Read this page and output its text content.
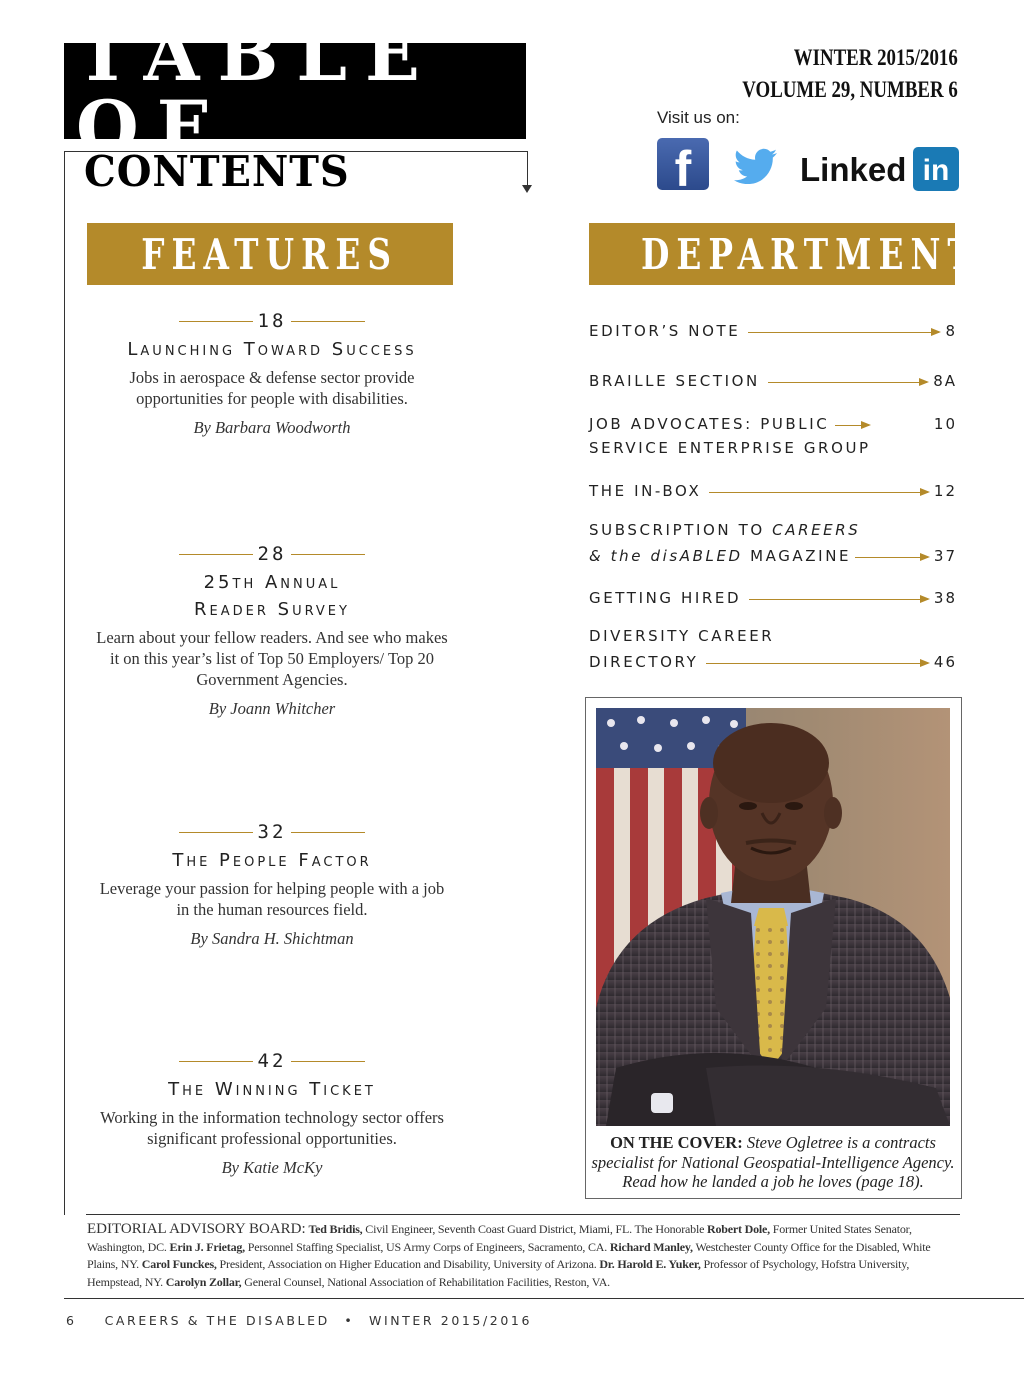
TABLE OF
CONTENTS
WINTER 2015/2016
VOLUME 29, NUMBER 6
Visit us on:
f	Linked in
FEATURES	DEPARTMENTS
18
Launching Toward Success
Jobs in aerospace & defense sector provide opportunities for people with disabilities.
By Barbara Woodworth
28
25th Annual
Reader Survey
Learn about your fellow readers. And see who makes it on this year’s list of Top 50 Employers/ Top 20 Government Agencies.
By Joann Whitcher
32
The People Factor
Leverage your passion for helping people with a job in the human resources field.
By Sandra H. Shichtman
42
The Winning Ticket
Working in the information technology sector offers significant professional opportunities.
By Katie McKy
EDITOR’S NOTE	8
BRAILLE SECTION	8A
JOB ADVOCATES: PUBLIC	10
SERVICE ENTERPRISE GROUP
THE IN-BOX	12
SUBSCRIPTION TO CAREERS
& the disABLED MAGAZINE	37
GETTING HIRED	38
DIVERSITY CAREER
DIRECTORY	46
ON THE COVER: Steve Ogletree is a contracts specialist for National Geospatial-Intelligence Agency. Read how he landed a job he loves (page 18).
EDITORIAL ADVISORY BOARD: Ted Bridis, Civil Engineer, Seventh Coast Guard District, Miami, FL. The Honorable Robert Dole, Former United States Senator, Washington, DC. Erin J. Frietag, Personnel Staffing Specialist, US Army Corps of Engineers, Sacramento, CA. Richard Manley, Westchester County Office for the Disabled, White Plains, NY. Carol Funckes, President, Association on Higher Education and Disability, University of Arizona. Dr. Harold E. Yuker, Professor of Psychology, Hofstra University, Hempstead, NY. Carolyn Zollar, General Counsel, National Association of Rehabilitation Facilities, Reston, VA.
6 CAREERS & THE DISABLED • WINTER 2015/2016
